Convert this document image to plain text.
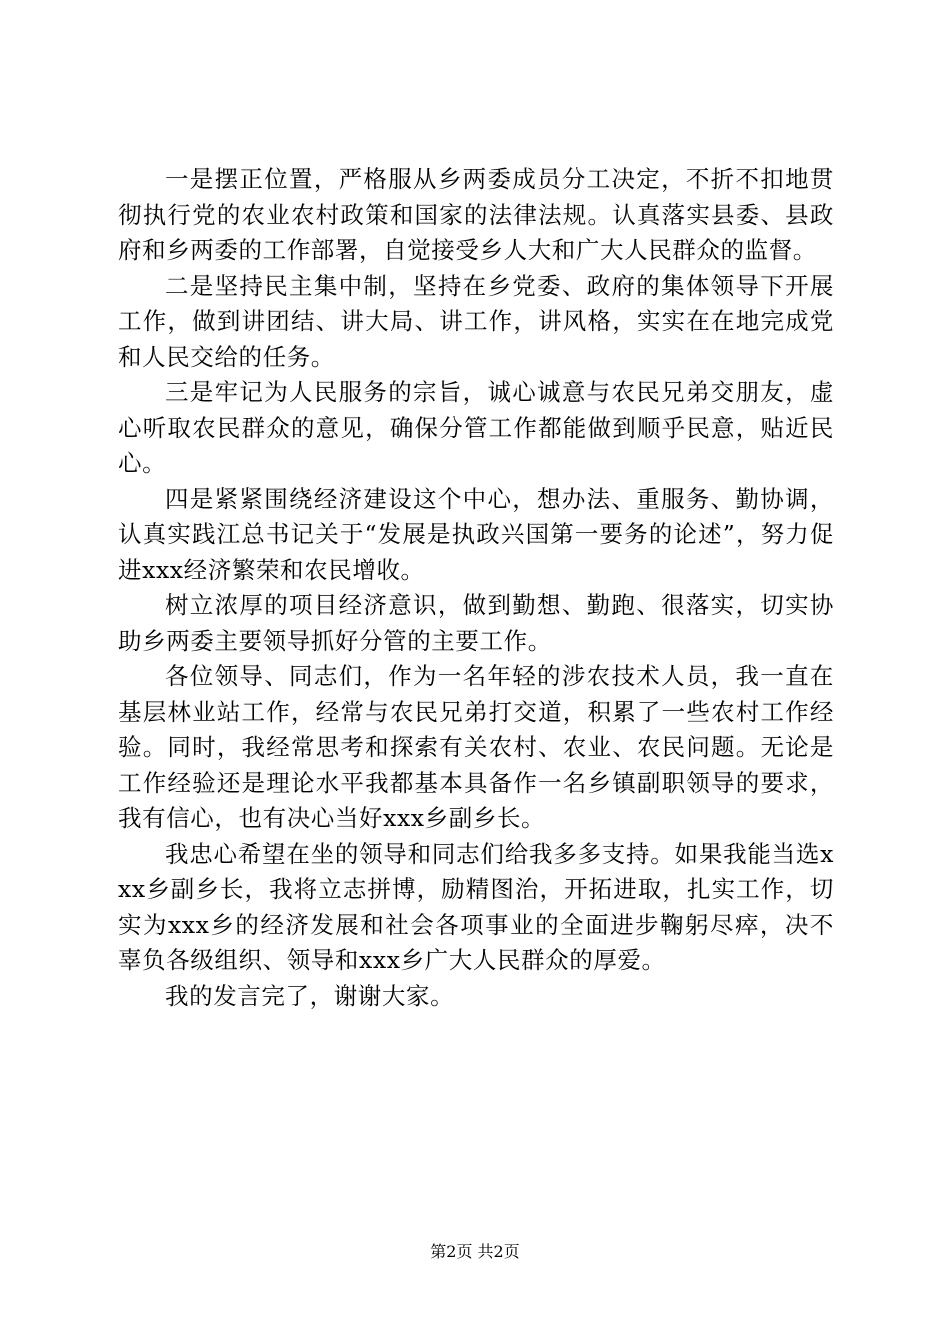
一是摆正位置，严格服从乡两委成员分工决定，不折不扣地贯彻执行党的农业农村政策和国家的法律法规。认真落实县委、县政府和乡两委的工作部署，自觉接受乡人大和广大人民群众的监督。

二是坚持民主集中制，坚持在乡党委、政府的集体领导下开展工作，做到讲团结、讲大局、讲工作，讲风格，实实在在地完成党和人民交给的任务。

三是牢记为人民服务的宗旨，诚心诚意与农民兄弟交朋友，虚心听取农民群众的意见，确保分管工作都能做到顺乎民意，贴近民心。

四是紧紧围绕经济建设这个中心，想办法、重服务、勤协调，认真实践江总书记关于“发展是执政兴国第一要务的论述”，努力促进xxx经济繁荣和农民增收。

树立浓厚的项目经济意识，做到勤想、勤跑、很落实，切实协助乡两委主要领导抓好分管的主要工作。

各位领导、同志们，作为一名年轻的涉农技术人员，我一直在基层林业站工作，经常与农民兄弟打交道，积累了一些农村工作经验。同时，我经常思考和探索有关农村、农业、农民问题。无论是工作经验还是理论水平我都基本具备作一名乡镇副职领导的要求，我有信心，也有决心当好xxx乡副乡长。

我忠心希望在坐的领导和同志们给我多多支持。如果我能当选xxx乡副乡长，我将立志拼博，励精图治，开拓进取，扎实工作，切实为xxx乡的经济发展和社会各项事业的全面进步鞠躬尽瘁，决不辜负各级组织、领导和xxx乡广大人民群众的厚爱。

我的发言完了，谢谢大家。

第2页 共2页
